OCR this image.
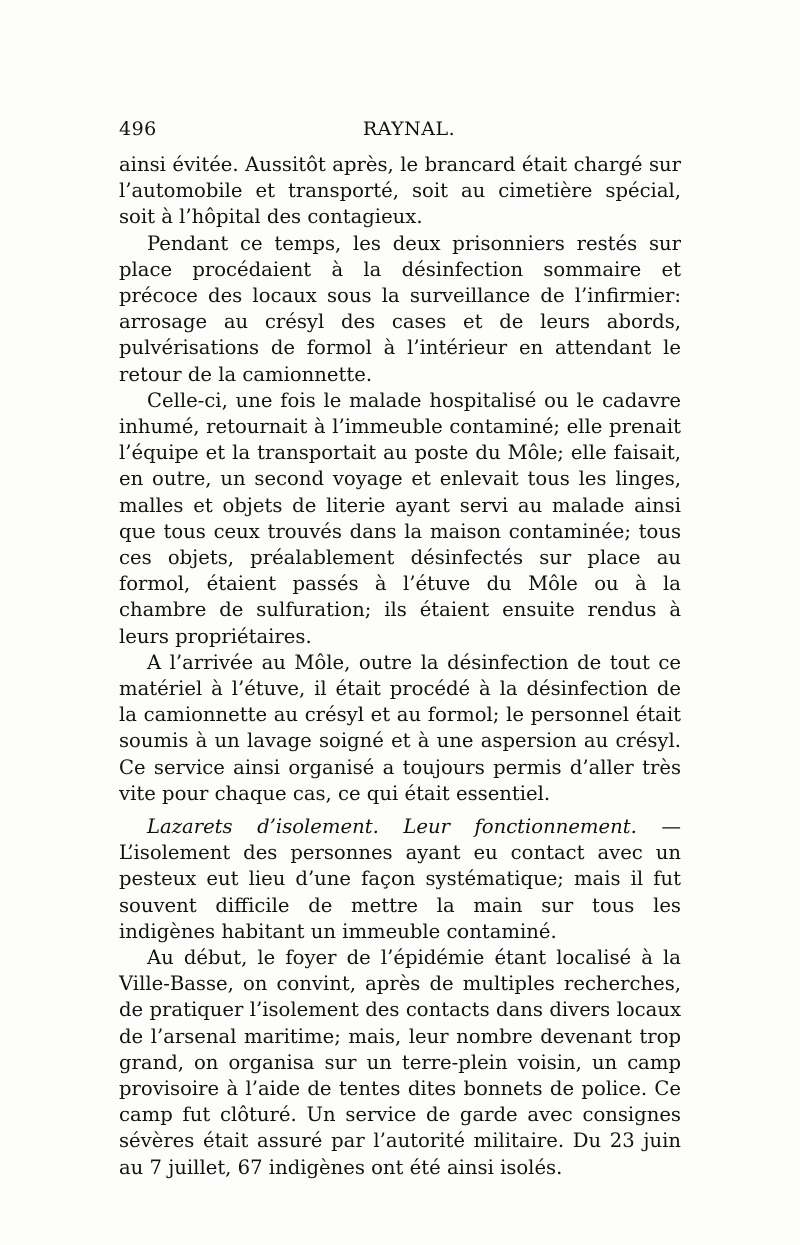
496	RAYNAL.

ainsi évitée. Aussitôt après, le brancard était chargé sur l’automobile et transporté, soit au cimetière spécial, soit à l’hôpital des contagieux.

Pendant ce temps, les deux prisonniers restés sur place procédaient à la désinfection sommaire et précoce des locaux sous la surveillance de l’infirmier: arrosage au crésyl des cases et de leurs abords, pulvérisations de formol à l’intérieur en attendant le retour de la camionnette.

Celle-ci, une fois le malade hospitalisé ou le cadavre inhumé, retournait à l’immeuble contaminé; elle prenait l’équipe et la transportait au poste du Môle; elle faisait, en outre, un second voyage et enlevait tous les linges, malles et objets de literie ayant servi au malade ainsi que tous ceux trouvés dans la maison contaminée; tous ces objets, préalablement désinfectés sur place au formol, étaient passés à l’étuve du Môle ou à la chambre de sulfuration; ils étaient ensuite rendus à leurs propriétaires.

A l’arrivée au Môle, outre la désinfection de tout ce matériel à l’étuve, il était procédé à la désinfection de la camionnette au crésyl et au formol; le personnel était soumis à un lavage soigné et à une aspersion au crésyl. Ce service ainsi organisé a toujours permis d’aller très vite pour chaque cas, ce qui était essentiel.

Lazarets d’isolement. Leur fonctionnement. — L’isolement des personnes ayant eu contact avec un pesteux eut lieu d’une façon systématique; mais il fut souvent difficile de mettre la main sur tous les indigènes habitant un immeuble contaminé.

Au début, le foyer de l’épidémie étant localisé à la Ville-Basse, on convint, après de multiples recherches, de pratiquer l’isolement des contacts dans divers locaux de l’arsenal maritime; mais, leur nombre devenant trop grand, on organisa sur un terre-plein voisin, un camp provisoire à l’aide de tentes dites bonnets de police. Ce camp fut clôturé. Un service de garde avec consignes sévères était assuré par l’autorité militaire. Du 23 juin au 7 juillet, 67 indigènes ont été ainsi isolés.
